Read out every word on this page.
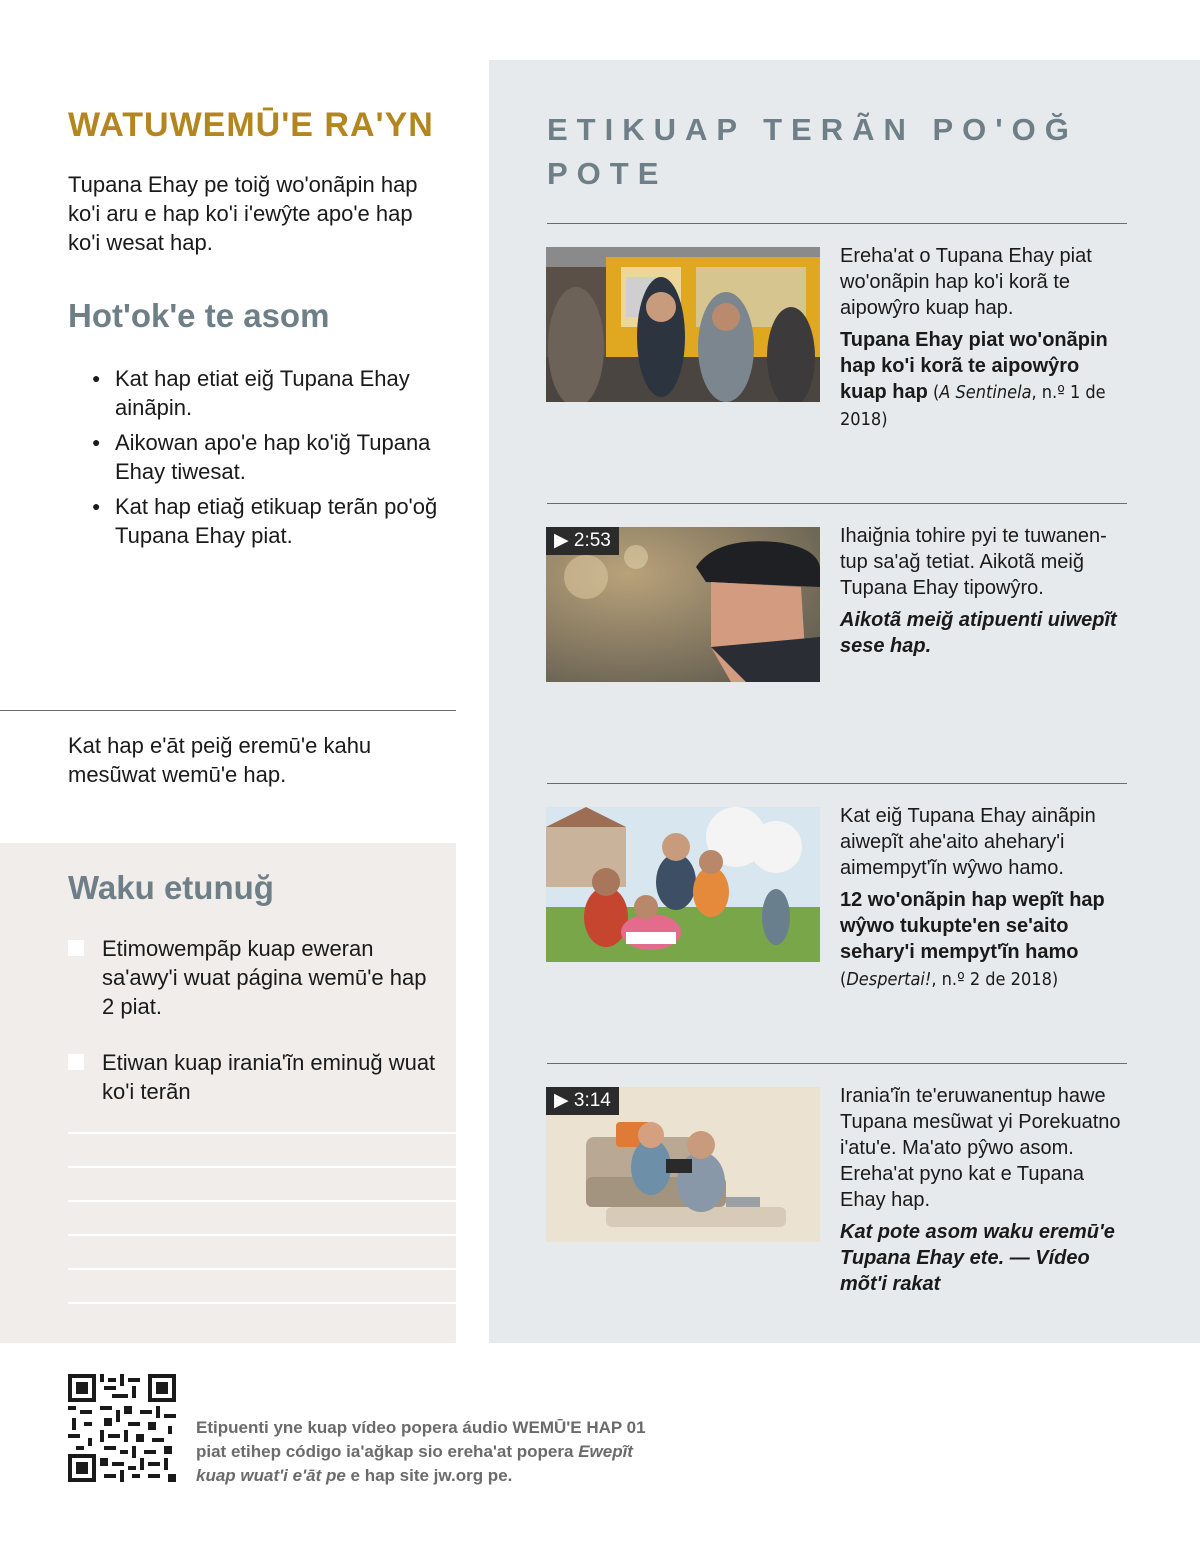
WATUWEMŪ'E RA'YN

Tupana Ehay pe toiğ wo'onãpin hap ko'i aru e hap ko'i i'ewŷte apo'e hap ko'i wesat hap.

Hot'ok'e te asom
● Kat hap etiat eiğ Tupana Ehay ainãpin.
● Aikowan apo'e hap ko'iğ Tupana Ehay tiwesat.
● Kat hap etiağ etikuap terãn po'oğ Tupana Ehay piat.

Kat hap e'āt peiğ eremū'e kahu mesũwat wemū'e hap.

Waku etunuğ
Etimowempãp kuap eweran sa'awy'i wuat página wemū'e hap 2 piat.
Etiwan kuap irania'ĩn eminuğ wuat ko'i terãn
ETIKUAP TERÃN PO'OĞ POTE
Ereha'at o Tupana Ehay piat wo'onãpin hap ko'i korã te aipowŷro kuap hap.
Tupana Ehay piat wo'onãpin hap ko'i korã te aipowŷro kuap hap (A Sentinela, n.º 1 de 2018)
▶ 2:53	Ihaiğnia tohire pyi te tuwanen-tup sa'ağ tetiat. Aikotã meiğ Tupana Ehay tipowŷro.
Aikotã meiğ atipuenti uiwepĩt sese hap.
Kat eiğ Tupana Ehay ainãpin aiwepĩt ahe'aito ahehary'i aimempyt'ĩn wŷwo hamo.
12 wo'onãpin hap wepĩt hap wŷwo tukupte'en se'aito sehary'i mempyt'ĩn hamo (Despertai!, n.º 2 de 2018)
▶ 3:14	Irania'ĩn te'eruwanentup hawe Tupana mesũwat yi Porekuatno i'atu'e. Ma'ato pŷwo asom. Ereha'at pyno kat e Tupana Ehay hap.
Kat pote asom waku eremū'e Tupana Ehay ete. — Vídeo mõt'i rakat

Etipuenti yne kuap vídeo popera áudio WEMŪ'E HAP 01 piat etihep código ia'ağkap sio ereha'at popera Ewepĩt kuap wuat'i e'āt pe e hap site jw.org pe.
